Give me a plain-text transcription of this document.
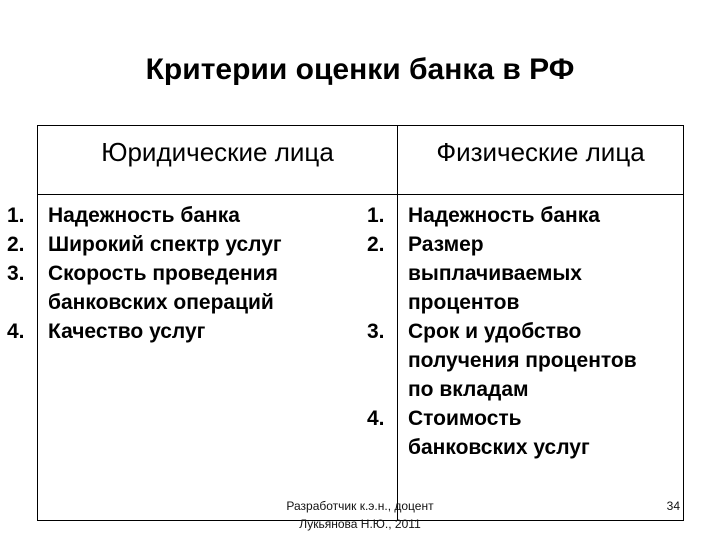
Критерии оценки банка в РФ
Юридические лица	Физические лица
1. Надежность банка
2. Широкий спектр услуг
3. Скорость проведения
банковских операций
4. Качество услуг
1. Надежность банка
2. Размер
выплачиваемых
процентов
3. Срок и удобство
получения процентов
по вкладам
4. Стоимость
банковских услуг
Разработчик к.э.н., доцент
Лукьянова Н.Ю., 2011
34
